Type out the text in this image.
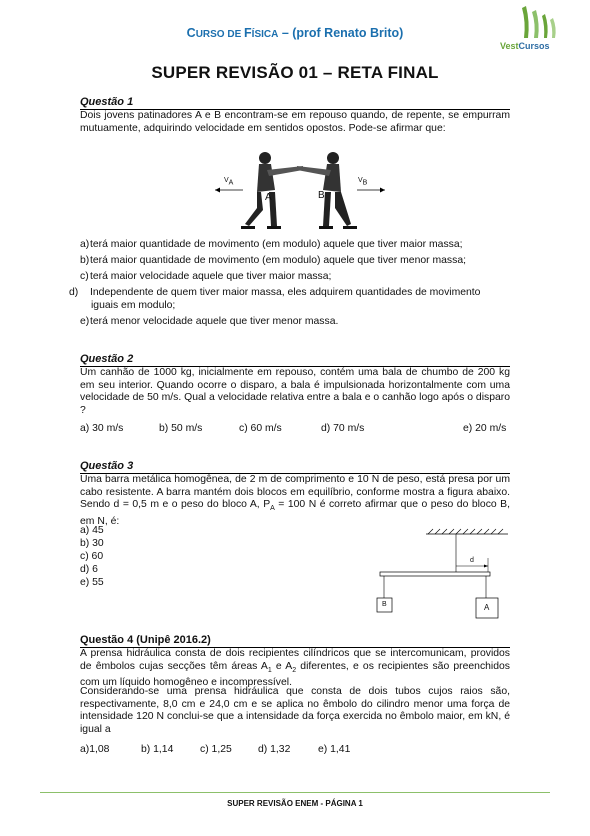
CURSO DE FÍSICA – (prof Renato Brito)
VestCursos
SUPER REVISÃO 01 – RETA FINAL
Questão 1
Dois jovens patinadores A e B encontram-se em repouso quando, de repente, se empurram mutuamente, adquirindo velocidade em sentidos opostos. Pode-se afirmar que:
$V_A$	$V_B$
A	B
a)terá maior quantidade de movimento (em modulo) aquele que tiver maior massa;
b)terá maior quantidade de movimento (em modulo) aquele que tiver menor massa;
c)terá maior velocidade aquele que tiver maior massa;
d) Independente de quem tiver maior massa, eles adquirem quantidades de movimento iguais em modulo;
e)terá menor velocidade aquele que tiver menor massa.
Questão 2
Um canhão de 1000 kg, inicialmente em repouso, contém uma bala de chumbo de 200 kg em seu interior. Quando ocorre o disparo, a bala é impulsionada horizontalmente com uma velocidade de 50 m/s. Qual a velocidade relativa entre a bala e o canhão logo após o disparo ?
a) 30 m/s	b) 50 m/s	c) 60 m/s	d) 70 m/s	e) 20 m/s
Questão 3
Uma barra metálica homogênea, de 2 m de comprimento e 10 N de peso, está presa por um cabo resistente. A barra mantém dois blocos em equilíbrio, conforme mostra a figura abaixo. Sendo d = 0,5 m e o peso do bloco A, $P_A = 100$ N é correto afirmar que o peso do bloco B, em N, é:
a) 45
b) 30
c) 60
d) 6
e) 55
d
B	A
Questão 4 (Unipê 2016.2)
A prensa hidráulica consta de dois recipientes cilíndricos que se intercomunicam, providos de êmbolos cujas secções têm áreas $A_1$ e $A_2$ diferentes, e os recipientes são preenchidos com um líquido homogêneo e incompressível.
Considerando-se uma prensa hidráulica que consta de dois tubos cujos raios são, respectivamente, 8,0 cm e 24,0 cm e se aplica no êmbolo do cilindro menor uma força de intensidade 120 N conclui-se que a intensidade da força exercida no êmbolo maior, em kN, é igual a
a)1,08	b) 1,14	c) 1,25	d) 1,32	e) 1,41
SUPER REVISÃO ENEM - PÁGINA 1
